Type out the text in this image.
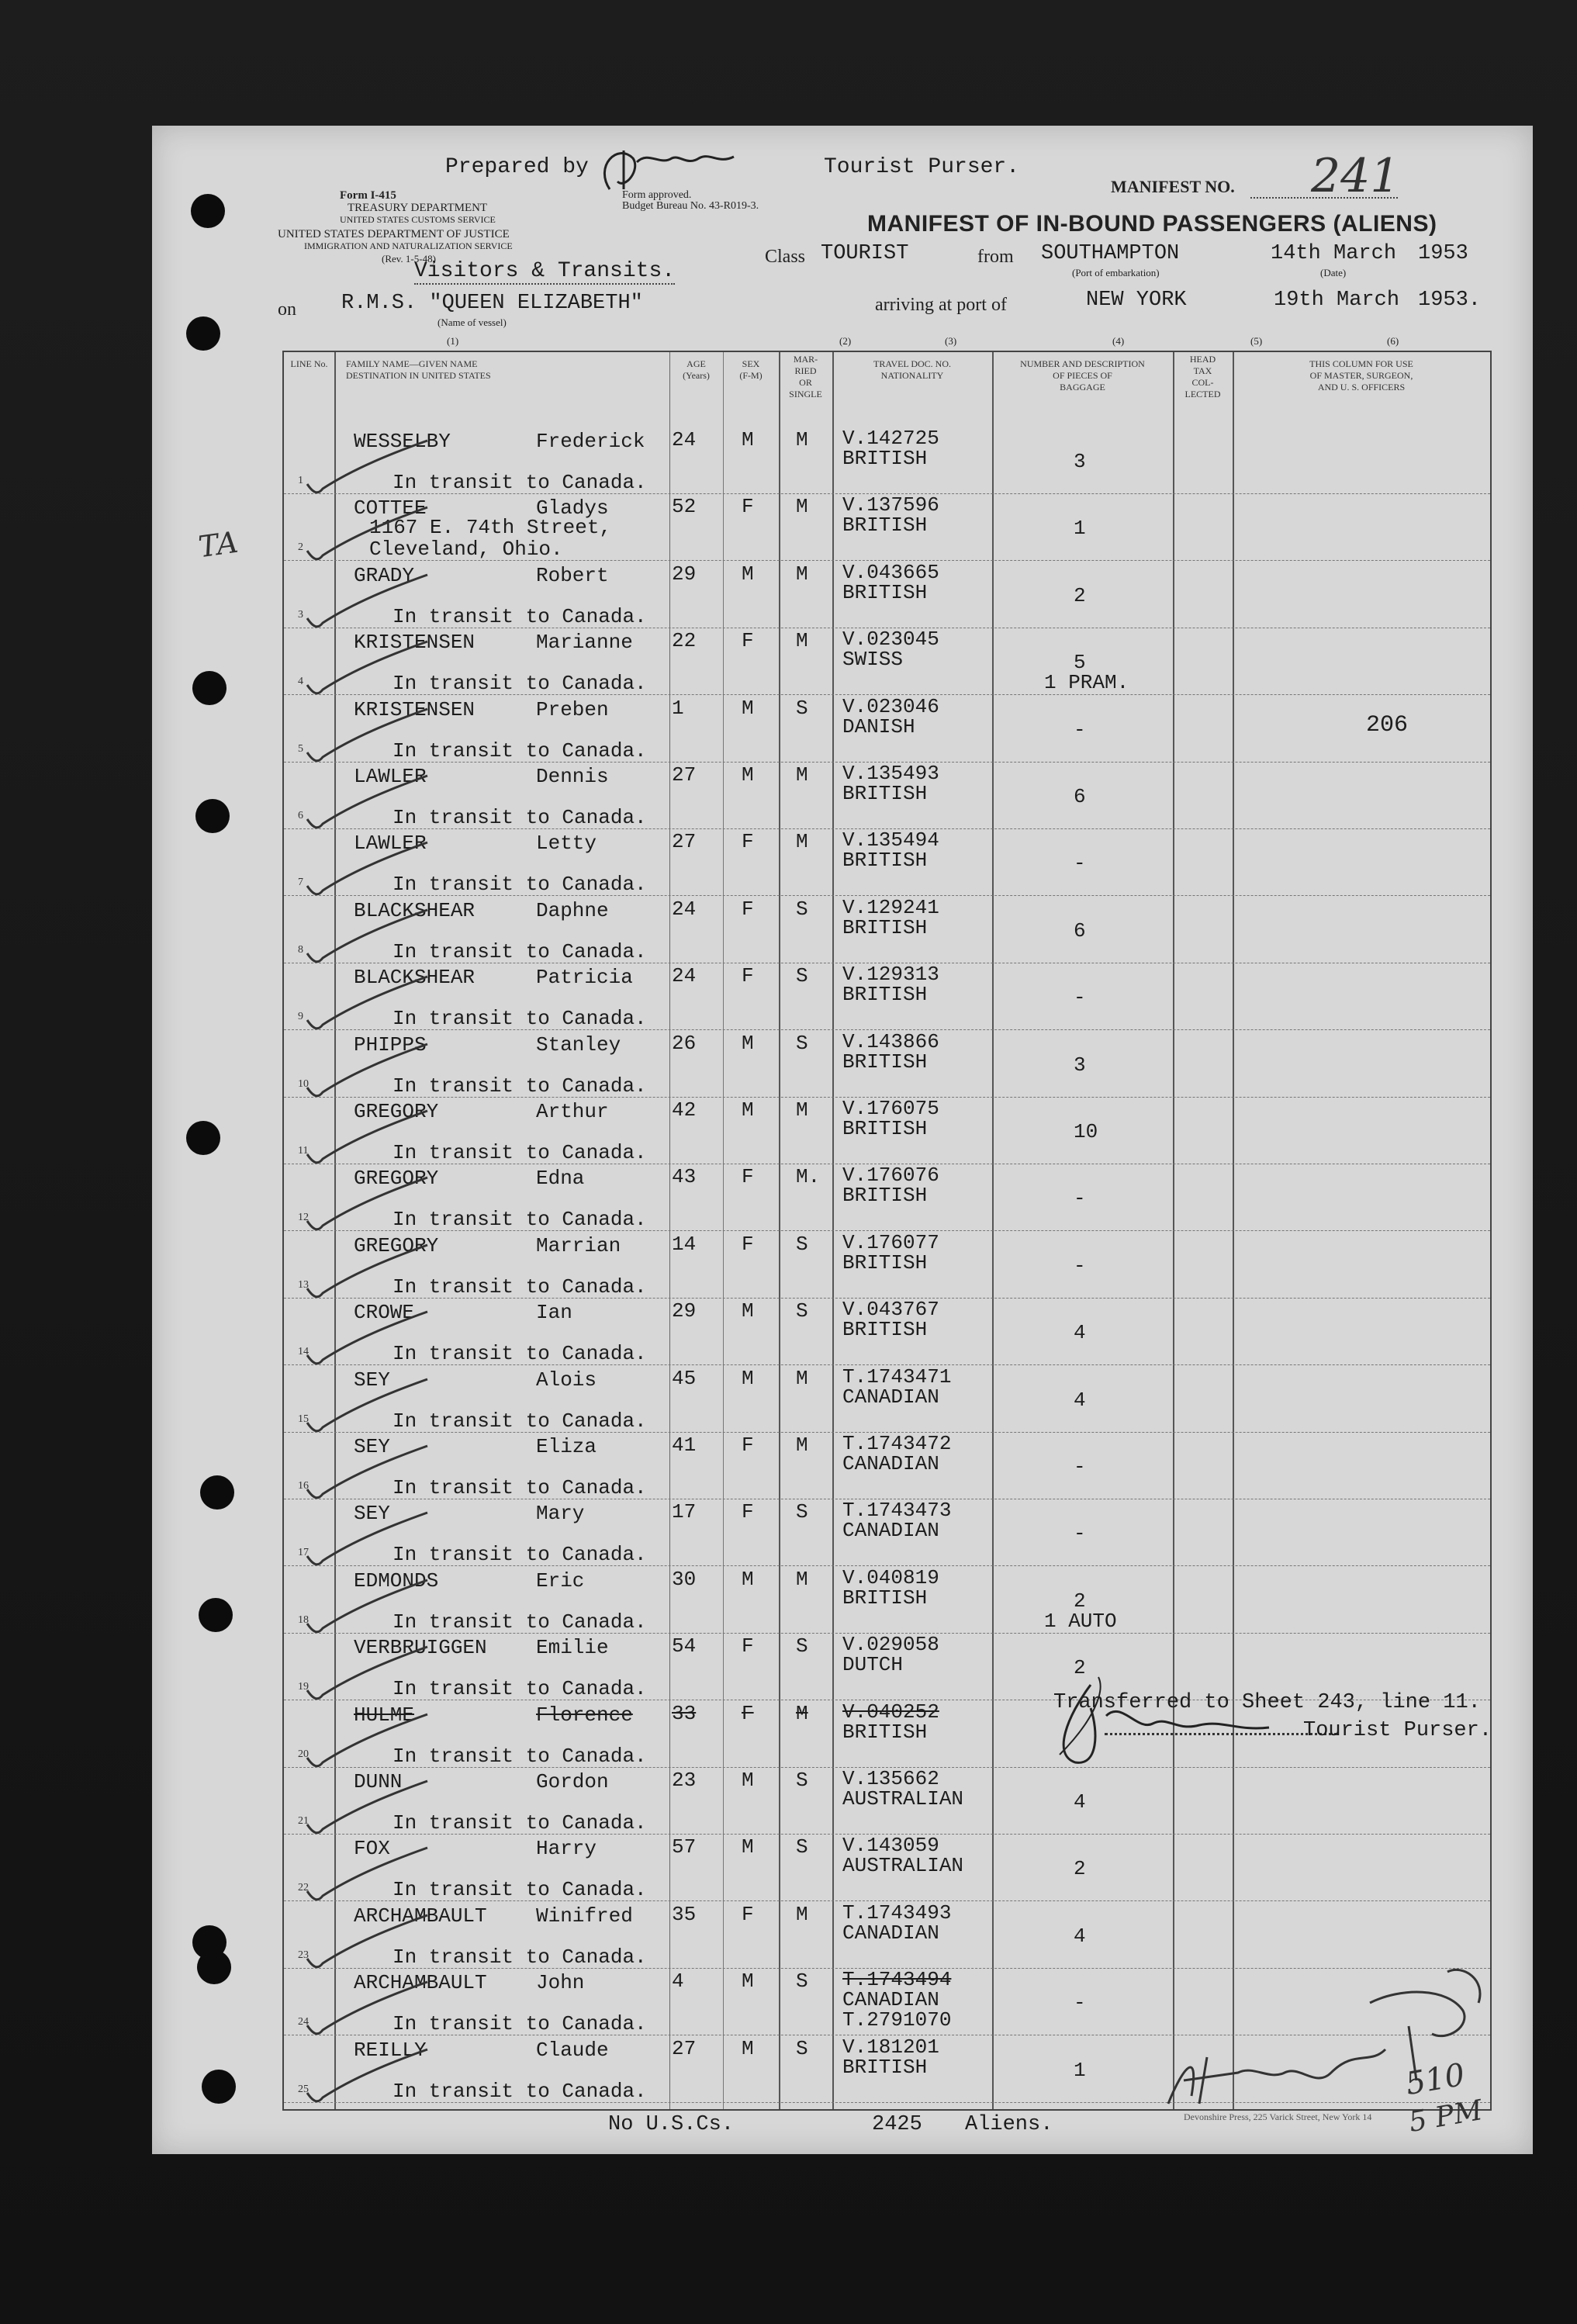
Prepared by	Tourist Purser.
Form I-415
TREASURY DEPARTMENT
UNITED STATES CUSTOMS SERVICE
Form approved.
Budget Bureau No. 43-R019-3.
UNITED STATES DEPARTMENT OF JUSTICE
IMMIGRATION AND NATURALIZATION SERVICE
(Rev. 1-5-48)
Visitors & Transits.
MANIFEST NO. 241
MANIFEST OF IN-BOUND PASSENGERS (ALIENS)
Class TOURIST	from SOUTHAMPTON
(Port of embarkation)
14th March 1953
(Date)
on R.M.S. "QUEEN ELIZABETH"
(Name of vessel)
arriving at port of	NEW YORK	19th March 1953.
(1)	(2)	(3)	(4)	(5)	(6)
TA
LINE No.	FAMILY NAME—GIVEN NAME
DESTINATION IN UNITED STATES
AGE
(Years)
SEX
(F-M)
MAR-
RIED
OR
SINGLE
TRAVEL DOC. NO.
NATIONALITY
NUMBER AND DESCRIPTION
OF PIECES OF
BAGGAGE
HEAD
TAX
COL-
LECTED
THIS COLUMN FOR USE
OF MASTER, SURGEON,
AND U. S. OFFICERS
1
WESSELBY	Frederick
In transit to Canada.
24 M M V.142725
BRITISH	3
2
COTTEE	Gladys
1167 E. 74th Street,
Cleveland, Ohio.
52 F M V.137596
BRITISH	1
3
GRADY	Robert
In transit to Canada.
29 M M V.043665
BRITISH	2
4
KRISTENSEN	Marianne
In transit to Canada.
22 F M V.023045
SWISS	5
1 PRAM.
5
KRISTENSEN	Preben
In transit to Canada.
1	M S V.023046
DANISH	-	206
6
LAWLER	Dennis
In transit to Canada.
27 M M V.135493
BRITISH	6
7
LAWLER	Letty
In transit to Canada.
27 F M V.135494
BRITISH	-
8
BLACKSHEAR	Daphne
In transit to Canada.
24 F S V.129241
BRITISH	6
9
BLACKSHEAR	Patricia
In transit to Canada.
24 F S V.129313
BRITISH	-
10
PHIPPS	Stanley
In transit to Canada.
26 M S V.143866
BRITISH	3
11
GREGORY	Arthur
In transit to Canada.
42 M M V.176075
BRITISH	10
12
GREGORY	Edna
In transit to Canada.
43 F M. V.176076
BRITISH	-
13
GREGORY	Marrian
In transit to Canada.
14 F S V.176077
BRITISH	-
14
CROWE	Ian
In transit to Canada.
29 M S V.043767
BRITISH	4
15
SEY	Alois
In transit to Canada.
45 M M T.1743471
CANADIAN	4
16
SEY	Eliza
In transit to Canada.
41 F M T.1743472
CANADIAN	-
17
SEY	Mary
In transit to Canada.
17 F S T.1743473
CANADIAN	-
18
EDMONDS	Eric
In transit to Canada.
30 M M V.040819
BRITISH	2
1 AUTO
19
VERBRUIGGEN Emilie
In transit to Canada.
54 F S V.029058
DUTCH	2
20
HULME	Florence
In transit to Canada.
33 F M V.040252
BRITISH
21
DUNN	Gordon
In transit to Canada.
23 M S V.135662
AUSTRALIAN	4
22
FOX	Harry
In transit to Canada.
57 M S V.143059
AUSTRALIAN	2
23
ARCHAMBAULT Winifred
In transit to Canada.
35 F M T.1743493
CANADIAN	4
24
ARCHAMBAULT John
In transit to Canada.
4	M S T.1743494
CANADIAN
T.2791070
-
25
REILLY	Claude
In transit to Canada.
27 M S V.181201
BRITISH	1
Transferred to Sheet 243, line 11.
Tourist Purser.
510
5 PM
No U.S.Cs.	2425 Aliens.	Devonshire Press, 225 Varick Street, New York 14
